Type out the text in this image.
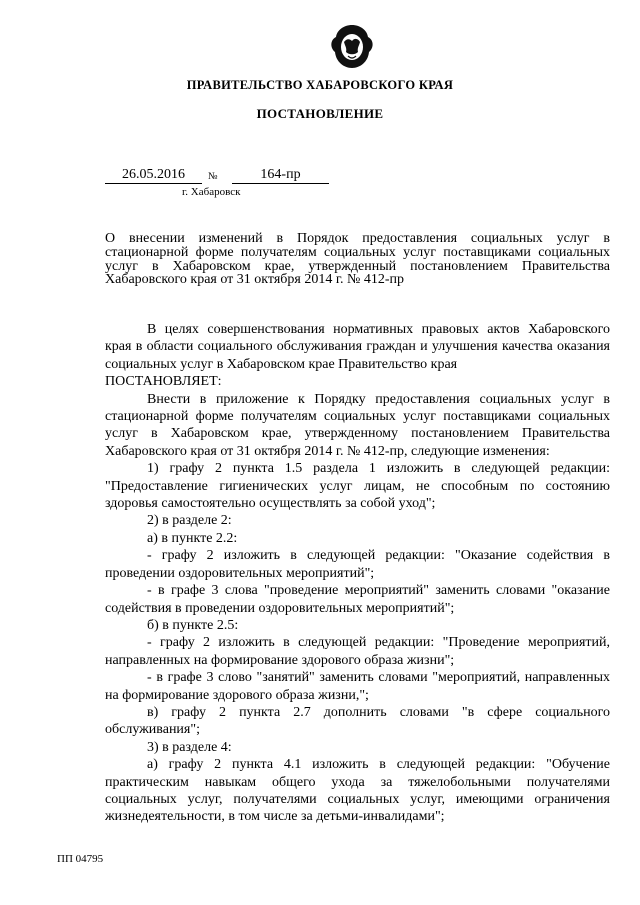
ПРАВИТЕЛЬСТВО ХАБАРОВСКОГО КРАЯ
ПОСТАНОВЛЕНИЕ
26.05.2016	№	164-пр
г. Хабаровск
О внесении изменений в Порядок предоставления социальных услуг в стационарной форме получателям социальных услуг поставщиками социальных услуг в Хабаровском крае, утвержденный постановлением Правительства Хабаровского края от 31 октября 2014 г. № 412-пр

В целях совершенствования нормативных правовых актов Хабаровского края в области социального обслуживания граждан и улучшения качества оказания социальных услуг в Хабаровском крае Правительство края

ПОСТАНОВЛЯЕТ:

Внести в приложение к Порядку предоставления социальных услуг в стационарной форме получателям социальных услуг поставщиками социальных услуг в Хабаровском крае, утвержденному постановлением Правительства Хабаровского края от 31 октября 2014 г. № 412-пр, следующие изменения:

1) графу 2 пункта 1.5 раздела 1 изложить в следующей редакции: "Предоставление гигиенических услуг лицам, не способным по состоянию здоровья самостоятельно осуществлять за собой уход";

2) в разделе 2:

а) в пункте 2.2:

- графу 2 изложить в следующей редакции: "Оказание содействия в проведении оздоровительных мероприятий";

- в графе 3 слова "проведение мероприятий" заменить словами "оказание содействия в проведении оздоровительных мероприятий";

б) в пункте 2.5:

- графу 2 изложить в следующей редакции: "Проведение мероприятий, направленных на формирование здорового образа жизни";

- в графе 3 слово "занятий" заменить словами "мероприятий, направленных на формирование здорового образа жизни,";

в) графу 2 пункта 2.7 дополнить словами "в сфере социального обслуживания";

3) в разделе 4:

а) графу 2 пункта 4.1 изложить в следующей редакции: "Обучение практическим навыкам общего ухода за тяжелобольными получателями социальных услуг, получателями социальных услуг, имеющими ограничения жизнедеятельности, в том числе за детьми-инвалидами";

ПП 04795
